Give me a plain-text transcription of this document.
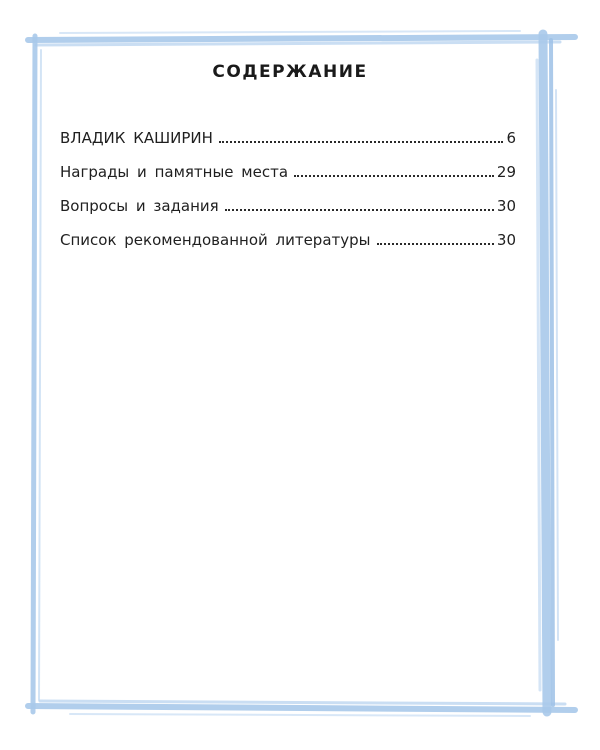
СОДЕРЖАНИЕ
ВЛАДИК КАШИРИН	6
Награды и памятные места	29
Вопросы и задания	30
Список рекомендованной литературы	30
